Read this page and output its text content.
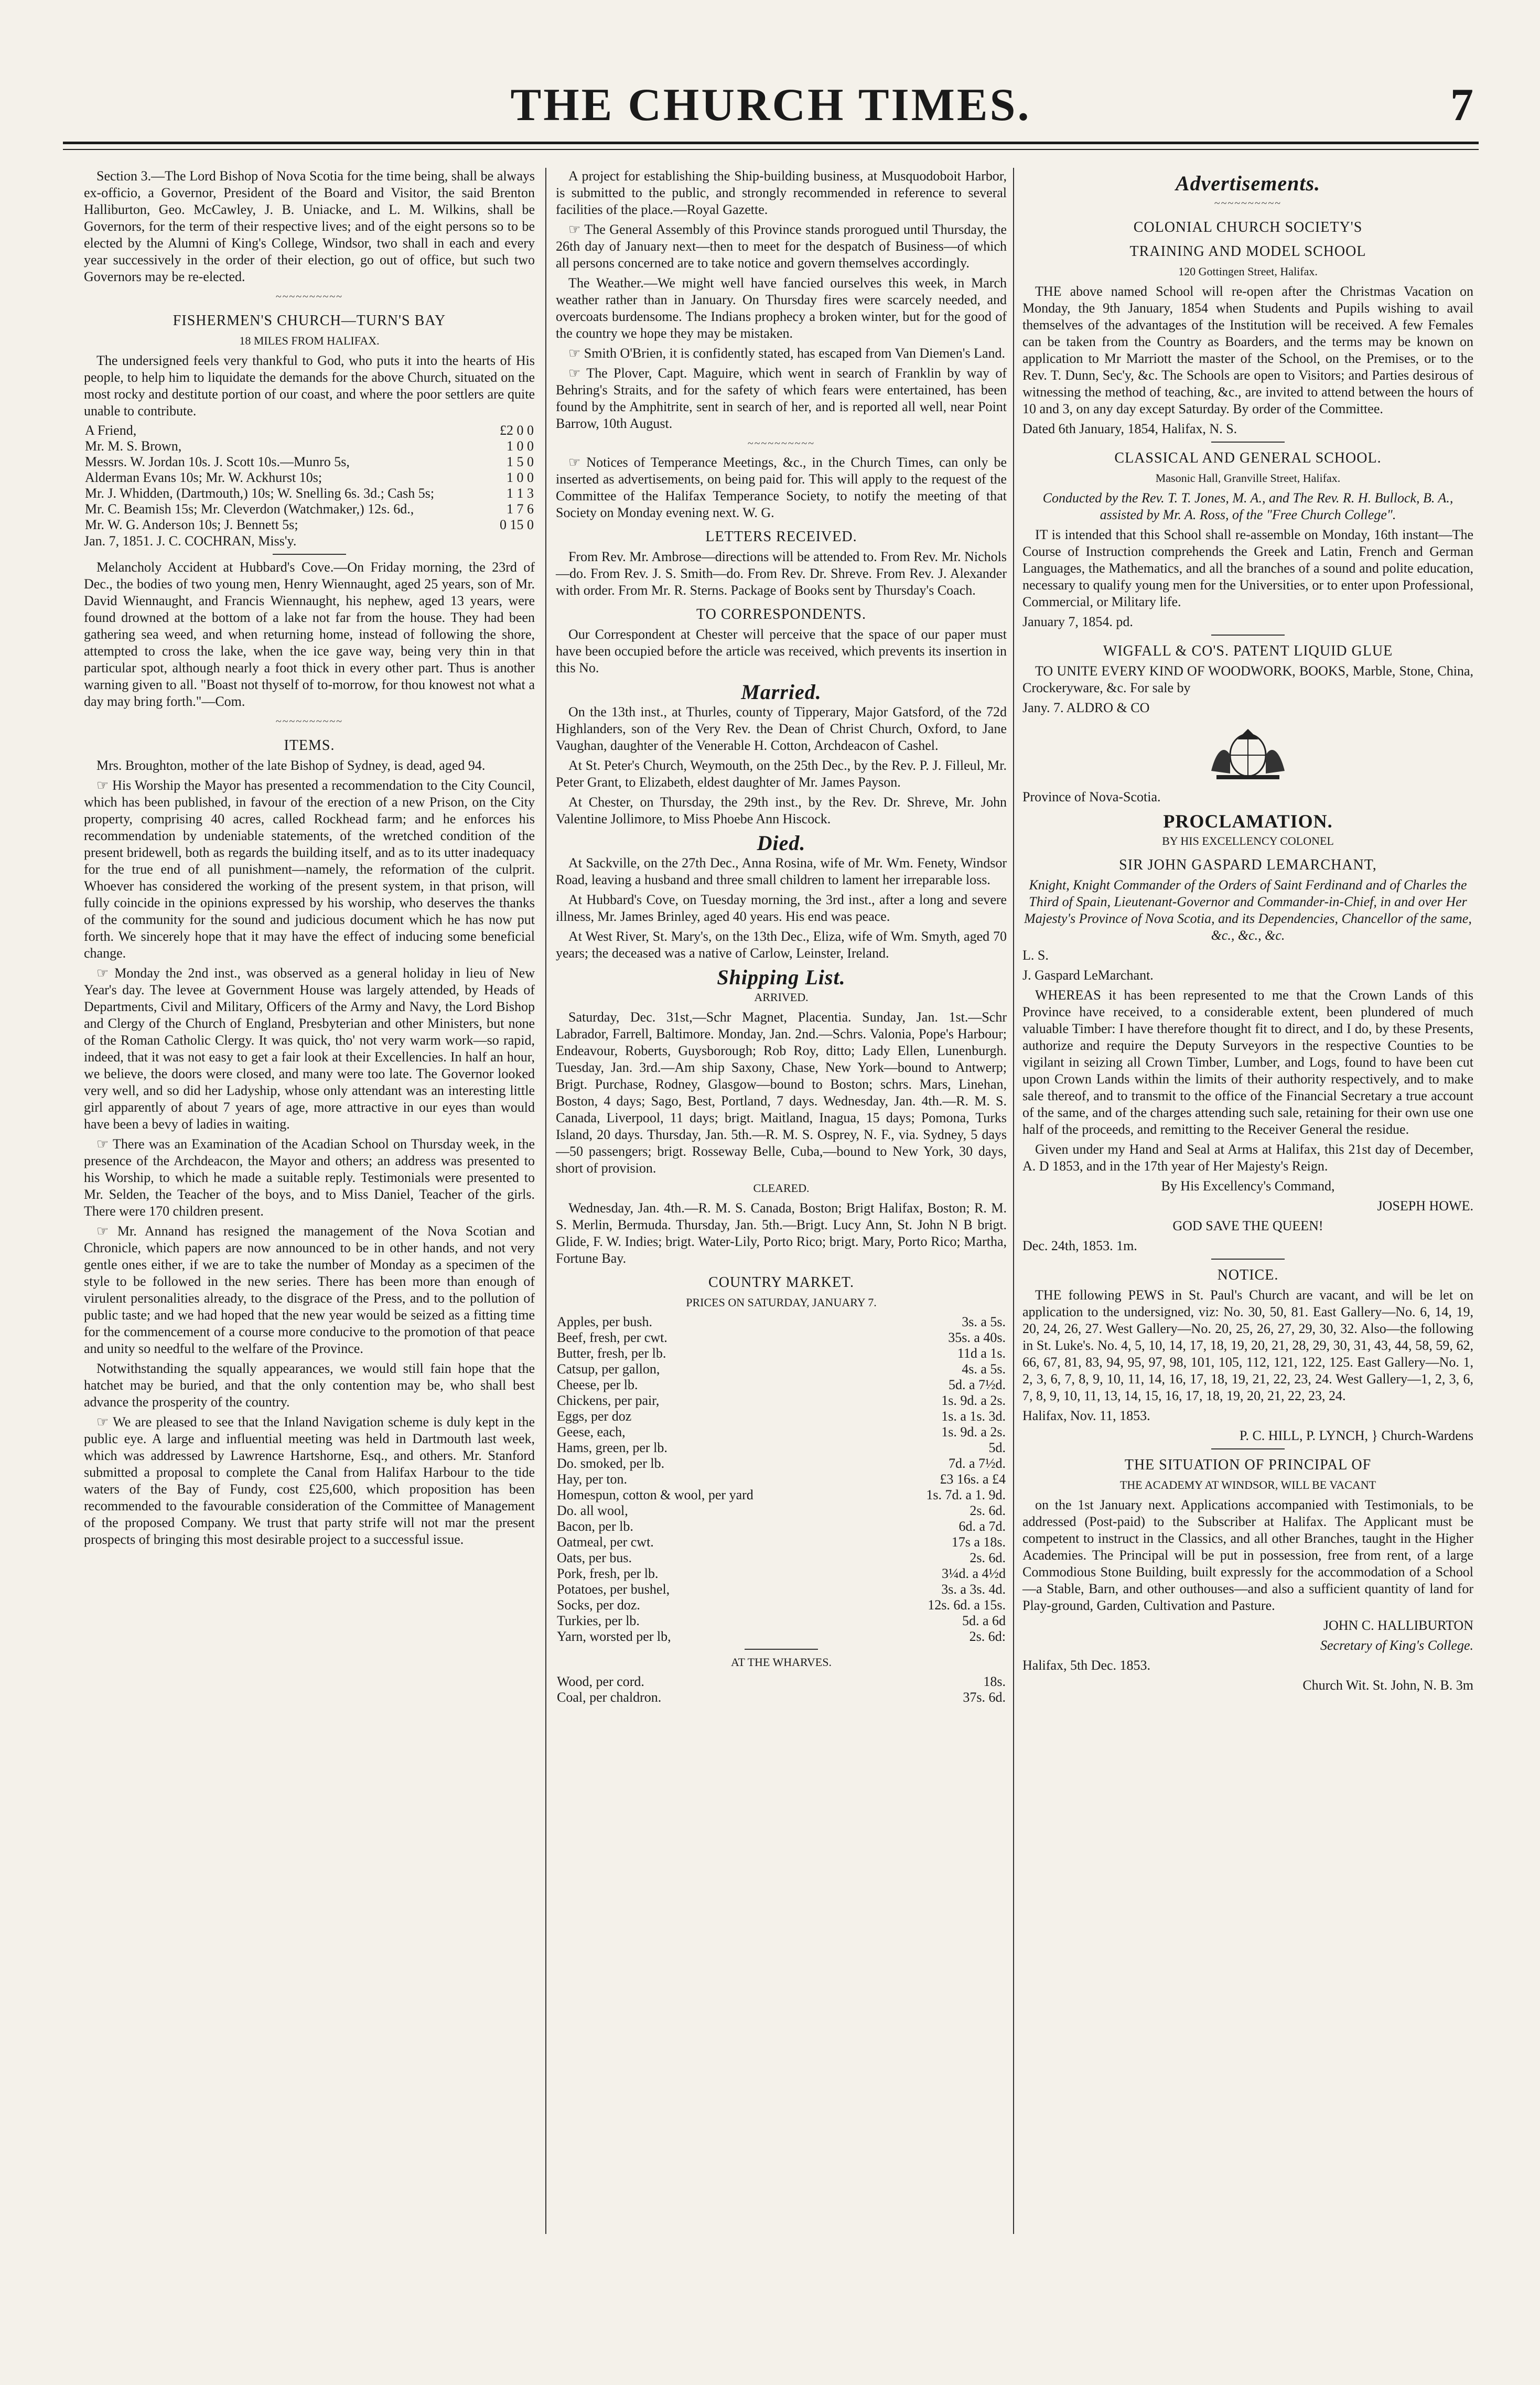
THE CHURCH TIMES.	7

Section 3.—The Lord Bishop of Nova Scotia for the time being, shall be always ex-officio, a Governor, President of the Board and Visitor, the said Brenton Halliburton, Geo. McCawley, J. B. Uniacke, and L. M. Wilkins, shall be Governors, for the term of their respective lives; and of the eight persons so to be elected by the Alumni of King's College, Windsor, two shall in each and every year successively in the order of their election, go out of office, but such two Governors may be re-elected.

~~~~~~~~~~
FISHERMEN'S CHURCH—TURN'S BAY
18 MILES FROM HALIFAX.

The undersigned feels very thankful to God, who puts it into the hearts of His people, to help him to liquidate the demands for the above Church, situated on the most rocky and destitute portion of our coast, and where the poor settlers are quite unable to contribute.

A Friend,	£2 0 0
Mr. M. S. Brown,	1 0 0
Messrs. W. Jordan 10s. J. Scott 10s.—Munro 5s,	1 5 0
Alderman Evans 10s; Mr. W. Ackhurst 10s;	1 0 0
Mr. J. Whidden, (Dartmouth,) 10s; W. Snelling 6s. 3d.; Cash 5s;	1 1 3
Mr. C. Beamish 15s; Mr. Cleverdon (Watchmaker,) 12s. 6d.,	1 7 6
Mr. W. G. Anderson 10s; J. Bennett 5s;	0 15 0

Jan. 7, 1851. J. C. COCHRAN, Miss'y.

Melancholy Accident at Hubbard's Cove.—On Friday morning, the 23rd of Dec., the bodies of two young men, Henry Wiennaught, aged 25 years, son of Mr. David Wiennaught, and Francis Wiennaught, his nephew, aged 13 years, were found drowned at the bottom of a lake not far from the house. They had been gathering sea weed, and when returning home, instead of following the shore, attempted to cross the lake, when the ice gave way, being very thin in that particular spot, although nearly a foot thick in every other part. Thus is another warning given to all. "Boast not thyself of to-morrow, for thou knowest not what a day may bring forth."—Com.

~~~~~~~~~~
ITEMS.

Mrs. Broughton, mother of the late Bishop of Sydney, is dead, aged 94.

☞ His Worship the Mayor has presented a recommendation to the City Council, which has been published, in favour of the erection of a new Prison, on the City property, comprising 40 acres, called Rockhead farm; and he enforces his recommendation by undeniable statements, of the wretched condition of the present bridewell, both as regards the building itself, and as to its utter inadequacy for the true end of all punishment—namely, the reformation of the culprit. Whoever has considered the working of the present system, in that prison, will fully coincide in the opinions expressed by his worship, who deserves the thanks of the community for the sound and judicious document which he has now put forth. We sincerely hope that it may have the effect of inducing some beneficial change.

☞ Monday the 2nd inst., was observed as a general holiday in lieu of New Year's day. The levee at Government House was largely attended, by Heads of Departments, Civil and Military, Officers of the Army and Navy, the Lord Bishop and Clergy of the Church of England, Presbyterian and other Ministers, but none of the Roman Catholic Clergy. It was quick, tho' not very warm work—so rapid, indeed, that it was not easy to get a fair look at their Excellencies. In half an hour, we believe, the doors were closed, and many were too late. The Governor looked very well, and so did her Ladyship, whose only attendant was an interesting little girl apparently of about 7 years of age, more attractive in our eyes than would have been a bevy of ladies in waiting.

☞ There was an Examination of the Acadian School on Thursday week, in the presence of the Archdeacon, the Mayor and others; an address was presented to his Worship, to which he made a suitable reply. Testimonials were presented to Mr. Selden, the Teacher of the boys, and to Miss Daniel, Teacher of the girls. There were 170 children present.

☞ Mr. Annand has resigned the management of the Nova Scotian and Chronicle, which papers are now announced to be in other hands, and not very gentle ones either, if we are to take the number of Monday as a specimen of the style to be followed in the new series. There has been more than enough of virulent personalities already, to the disgrace of the Press, and to the pollution of public taste; and we had hoped that the new year would be seized as a fitting time for the commencement of a course more conducive to the promotion of that peace and unity so needful to the welfare of the Province.

Notwithstanding the squally appearances, we would still fain hope that the hatchet may be buried, and that the only contention may be, who shall best advance the prosperity of the country.

☞ We are pleased to see that the Inland Navigation scheme is duly kept in the public eye. A large and influential meeting was held in Dartmouth last week, which was addressed by Lawrence Hartshorne, Esq., and others. Mr. Stanford submitted a proposal to complete the Canal from Halifax Harbour to the tide waters of the Bay of Fundy, cost £25,600, which proposition has been recommended to the favourable consideration of the Committee of Management of the proposed Company. We trust that party strife will not mar the present prospects of bringing this most desirable project to a successful issue.

A project for establishing the Ship-building business, at Musquodoboit Harbor, is submitted to the public, and strongly recommended in reference to several facilities of the place.—Royal Gazette.

☞ The General Assembly of this Province stands prorogued until Thursday, the 26th day of January next—then to meet for the despatch of Business—of which all persons concerned are to take notice and govern themselves accordingly.

The Weather.—We might well have fancied ourselves this week, in March weather rather than in January. On Thursday fires were scarcely needed, and overcoats burdensome. The Indians prophecy a broken winter, but for the good of the country we hope they may be mistaken.

☞ Smith O'Brien, it is confidently stated, has escaped from Van Diemen's Land.

☞ The Plover, Capt. Maguire, which went in search of Franklin by way of Behring's Straits, and for the safety of which fears were entertained, has been found by the Amphitrite, sent in search of her, and is reported all well, near Point Barrow, 10th August.

~~~~~~~~~~

☞ Notices of Temperance Meetings, &c., in the Church Times, can only be inserted as advertisements, on being paid for. This will apply to the request of the Committee of the Halifax Temperance Society, to notify the meeting of that Society on Monday evening next. W. G.

LETTERS RECEIVED.

From Rev. Mr. Ambrose—directions will be attended to. From Rev. Mr. Nichols—do. From Rev. J. S. Smith—do. From Rev. Dr. Shreve. From Rev. J. Alexander with order. From Mr. R. Sterns. Package of Books sent by Thursday's Coach.

TO CORRESPONDENTS.

Our Correspondent at Chester will perceive that the space of our paper must have been occupied before the article was received, which prevents its insertion in this No.

Married.

On the 13th inst., at Thurles, county of Tipperary, Major Gatsford, of the 72d Highlanders, son of the Very Rev. the Dean of Christ Church, Oxford, to Jane Vaughan, daughter of the Venerable H. Cotton, Archdeacon of Cashel.

At St. Peter's Church, Weymouth, on the 25th Dec., by the Rev. P. J. Filleul, Mr. Peter Grant, to Elizabeth, eldest daughter of Mr. James Payson.

At Chester, on Thursday, the 29th inst., by the Rev. Dr. Shreve, Mr. John Valentine Jollimore, to Miss Phoebe Ann Hiscock.

Died.

At Sackville, on the 27th Dec., Anna Rosina, wife of Mr. Wm. Fenety, Windsor Road, leaving a husband and three small children to lament her irreparable loss.

At Hubbard's Cove, on Tuesday morning, the 3rd inst., after a long and severe illness, Mr. James Brinley, aged 40 years. His end was peace.

At West River, St. Mary's, on the 13th Dec., Eliza, wife of Wm. Smyth, aged 70 years; the deceased was a native of Carlow, Leinster, Ireland.

Shipping List.
ARRIVED.

Saturday, Dec. 31st,—Schr Magnet, Placentia. Sunday, Jan. 1st.—Schr Labrador, Farrell, Baltimore. Monday, Jan. 2nd.—Schrs. Valonia, Pope's Harbour; Endeavour, Roberts, Guysborough; Rob Roy, ditto; Lady Ellen, Lunenburgh. Tuesday, Jan. 3rd.—Am ship Saxony, Chase, New York—bound to Antwerp; Brigt. Purchase, Rodney, Glasgow—bound to Boston; schrs. Mars, Linehan, Boston, 4 days; Sago, Best, Portland, 7 days. Wednesday, Jan. 4th.—R. M. S. Canada, Liverpool, 11 days; brigt. Maitland, Inagua, 15 days; Pomona, Turks Island, 20 days. Thursday, Jan. 5th.—R. M. S. Osprey, N. F., via. Sydney, 5 days—50 passengers; brigt. Rosseway Belle, Cuba,—bound to New York, 30 days, short of provision.

CLEARED.

Wednesday, Jan. 4th.—R. M. S. Canada, Boston; Brigt Halifax, Boston; R. M. S. Merlin, Bermuda. Thursday, Jan. 5th.—Brigt. Lucy Ann, St. John N B brigt. Glide, F. W. Indies; brigt. Water-Lily, Porto Rico; brigt. Mary, Porto Rico; Martha, Fortune Bay.

COUNTRY MARKET.
PRICES ON SATURDAY, JANUARY 7.
Apples, per bush.	3s. a 5s.
Beef, fresh, per cwt.	35s. a 40s.
Butter, fresh, per lb.	11d a 1s.
Catsup, per gallon,	4s. a 5s.
Cheese, per lb.	5d. a 7½d.
Chickens, per pair,	1s. 9d. a 2s.
Eggs, per doz	1s. a 1s. 3d.
Geese, each,	1s. 9d. a 2s.
Hams, green, per lb.	5d.
Do. smoked, per lb.	7d. a 7½d.
Hay, per ton.	£3 16s. a £4
Homespun, cotton & wool, per yard	1s. 7d. a 1. 9d.
Do. all wool,	2s. 6d.
Bacon, per lb.	6d. a 7d.
Oatmeal, per cwt.	17s a 18s.
Oats, per bus.	2s. 6d.
Pork, fresh, per lb.	3¼d. a 4½d
Potatoes, per bushel,	3s. a 3s. 4d.
Socks, per doz.	12s. 6d. a 15s.
Turkies, per lb.	5d. a 6d
Yarn, worsted per lb,	2s. 6d:
AT THE WHARVES.
Wood, per cord.	18s.
Coal, per chaldron.	37s. 6d.
Advertisements.
~~~~~~~~~~
COLONIAL CHURCH SOCIETY'S
TRAINING AND MODEL SCHOOL
120 Gottingen Street, Halifax.

THE above named School will re-open after the Christmas Vacation on Monday, the 9th January, 1854 when Students and Pupils wishing to avail themselves of the advantages of the Institution will be received. A few Females can be taken from the Country as Boarders, and the terms may be known on application to Mr Marriott the master of the School, on the Premises, or to the Rev. T. Dunn, Sec'y, &c. The Schools are open to Visitors; and Parties desirous of witnessing the method of teaching, &c., are invited to attend between the hours of 10 and 3, on any day except Saturday. By order of the Committee.

Dated 6th January, 1854, Halifax, N. S.

CLASSICAL AND GENERAL SCHOOL.
Masonic Hall, Granville Street, Halifax.

Conducted by the Rev. T. T. Jones, M. A., and The Rev. R. H. Bullock, B. A., assisted by Mr. A. Ross, of the "Free Church College".

IT is intended that this School shall re-assemble on Monday, 16th instant—The Course of Instruction comprehends the Greek and Latin, French and German Languages, the Mathematics, and all the branches of a sound and polite education, necessary to qualify young men for the Universities, or to enter upon Professional, Commercial, or Military life.

January 7, 1854. pd.

WIGFALL & CO'S. PATENT LIQUID GLUE

TO UNITE EVERY KIND OF WOODWORK, BOOKS, Marble, Stone, China, Crockeryware, &c. For sale by

Jany. 7. ALDRO & CO

Province of Nova-Scotia.

PROCLAMATION.
BY HIS EXCELLENCY COLONEL
SIR JOHN GASPARD LEMARCHANT,

Knight, Knight Commander of the Orders of Saint Ferdinand and of Charles the Third of Spain, Lieutenant-Governor and Commander-in-Chief, in and over Her Majesty's Province of Nova Scotia, and its Dependencies, Chancellor of the same, &c., &c., &c.

L. S.

J. Gaspard LeMarchant.

WHEREAS it has been represented to me that the Crown Lands of this Province have received, to a considerable extent, been plundered of much valuable Timber: I have therefore thought fit to direct, and I do, by these Presents, authorize and require the Deputy Surveyors in the respective Counties to be vigilant in seizing all Crown Timber, Lumber, and Logs, found to have been cut upon Crown Lands within the limits of their authority respectively, and to make sale thereof, and to transmit to the office of the Financial Secretary a true account of the same, and of the charges attending such sale, retaining for their own use one half of the proceeds, and remitting to the Receiver General the residue.

Given under my Hand and Seal at Arms at Halifax, this 21st day of December, A. D 1853, and in the 17th year of Her Majesty's Reign.

By His Excellency's Command,

JOSEPH HOWE.

GOD SAVE THE QUEEN!

Dec. 24th, 1853. 1m.

NOTICE.

THE following PEWS in St. Paul's Church are vacant, and will be let on application to the undersigned, viz: No. 30, 50, 81. East Gallery—No. 6, 14, 19, 20, 24, 26, 27. West Gallery—No. 20, 25, 26, 27, 29, 30, 32. Also—the following in St. Luke's. No. 4, 5, 10, 14, 17, 18, 19, 20, 21, 28, 29, 30, 31, 43, 44, 58, 59, 62, 66, 67, 81, 83, 94, 95, 97, 98, 101, 105, 112, 121, 122, 125. East Gallery—No. 1, 2, 3, 6, 7, 8, 9, 10, 11, 14, 16, 17, 18, 19, 21, 22, 23, 24. West Gallery—1, 2, 3, 6, 7, 8, 9, 10, 11, 13, 14, 15, 16, 17, 18, 19, 20, 21, 22, 23, 24.

Halifax, Nov. 11, 1853.

P. C. HILL, P. LYNCH, } Church-Wardens

THE SITUATION OF PRINCIPAL OF
THE ACADEMY AT WINDSOR, WILL BE VACANT

on the 1st January next. Applications accompanied with Testimonials, to be addressed (Post-paid) to the Subscriber at Halifax. The Applicant must be competent to instruct in the Classics, and all other Branches, taught in the Higher Academies. The Principal will be put in possession, free from rent, of a large Commodious Stone Building, built expressly for the accommodation of a School—a Stable, Barn, and other outhouses—and also a sufficient quantity of land for Play-ground, Garden, Cultivation and Pasture.

JOHN C. HALLIBURTON

Secretary of King's College.

Halifax, 5th Dec. 1853.

Church Wit. St. John, N. B. 3m
